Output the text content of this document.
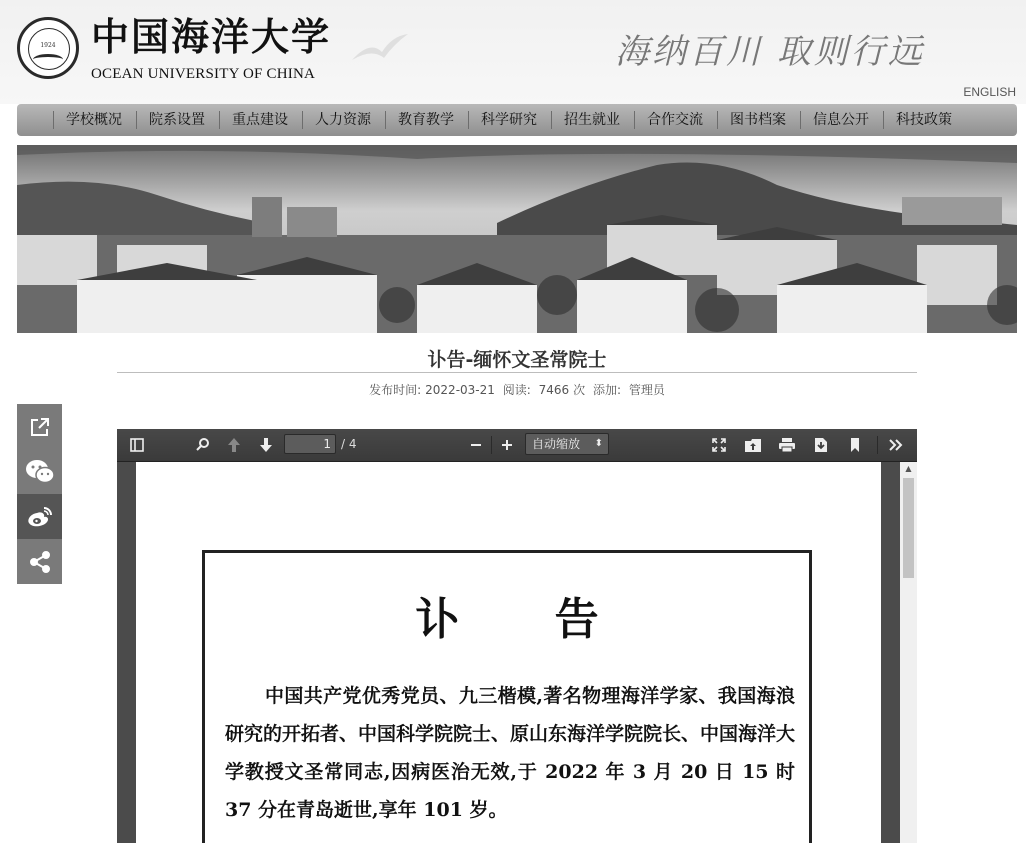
1924 中国海洋大学
OCEAN UNIVERSITY OF CHINA
海纳百川 取则行远
ENGLISH
学校概况	院系设置	重点建设	人力资源	教育教学	科学研究	招生就业	合作交流	图书档案	信息公开	科技政策
讣告-缅怀文圣常院士
发布时间: 2022-03-21 阅读: 7466 次 添加: 管理员
1 / 4	自动缩放 ⬍
讣 告
中国共产党优秀党员、九三楷模,著名物理海洋学家、我国海浪研究的开拓者、中国科学院院士、原山东海洋学院院长、中国海洋大学教授文圣常同志,因病医治无效,于 2022 年 3 月 20 日 15 时 37 分在青岛逝世,享年 101 岁。
▲
